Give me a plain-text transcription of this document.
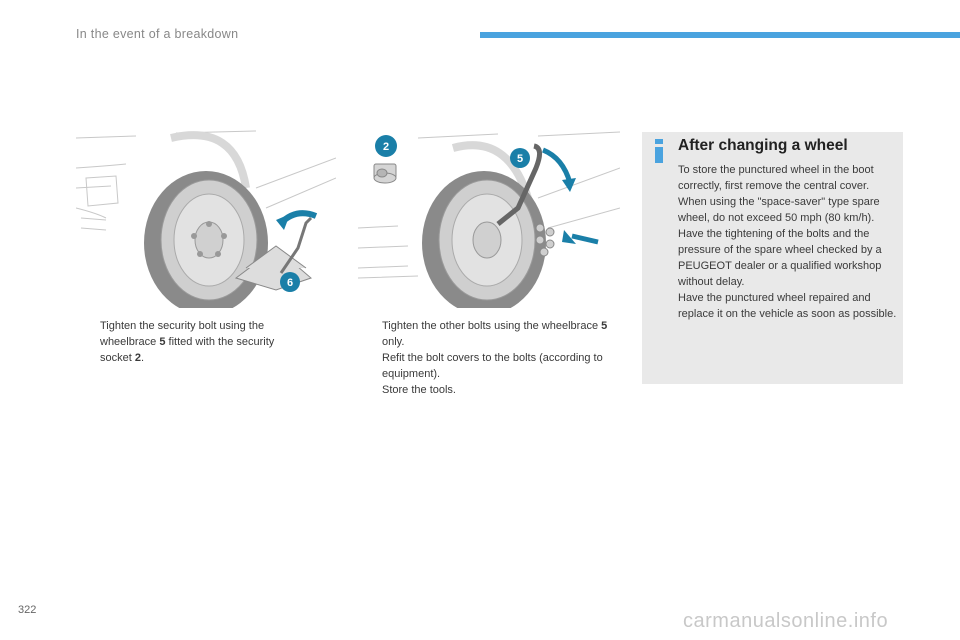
In the event of a breakdown
6
2
5
Tighten the security bolt using the wheelbrace 5 fitted with the security socket 2.
Tighten the other bolts using the wheelbrace 5 only.
Refit the bolt covers to the bolts (according to equipment).
Store the tools.
After changing a wheel

To store the punctured wheel in the boot correctly, first remove the central cover.

When using the "space-saver" type spare wheel, do not exceed 50 mph (80 km/h).

Have the tightening of the bolts and the pressure of the spare wheel checked by a PEUGEOT dealer or a qualified workshop without delay.

Have the punctured wheel repaired and replace it on the vehicle as soon as possible.

322	carmanualsonline.info
